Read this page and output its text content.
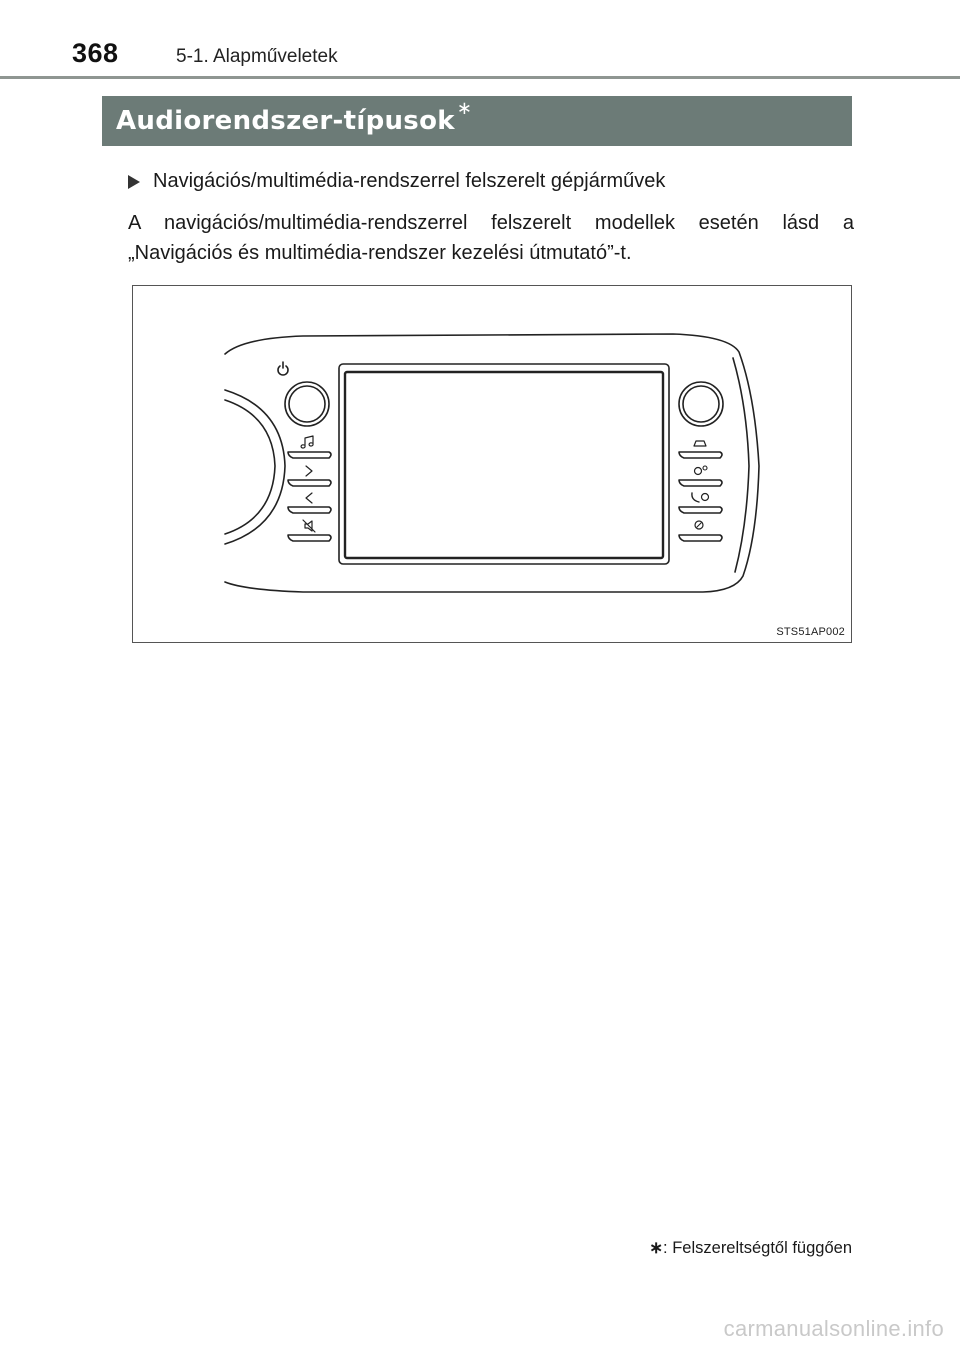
368	5-1. Alapműveletek
Audiorendszer-típusok ∗
Navigációs/multimédia-rendszerrel felszerelt gépjárművek
A navigációs/multimédia-rendszerrel felszerelt modellek esetén lásd a „Navigációs és multimédia-rendszer kezelési útmutató”-t.
STS51AP002
∗: Felszereltségtől függően
carmanualsonline.info
